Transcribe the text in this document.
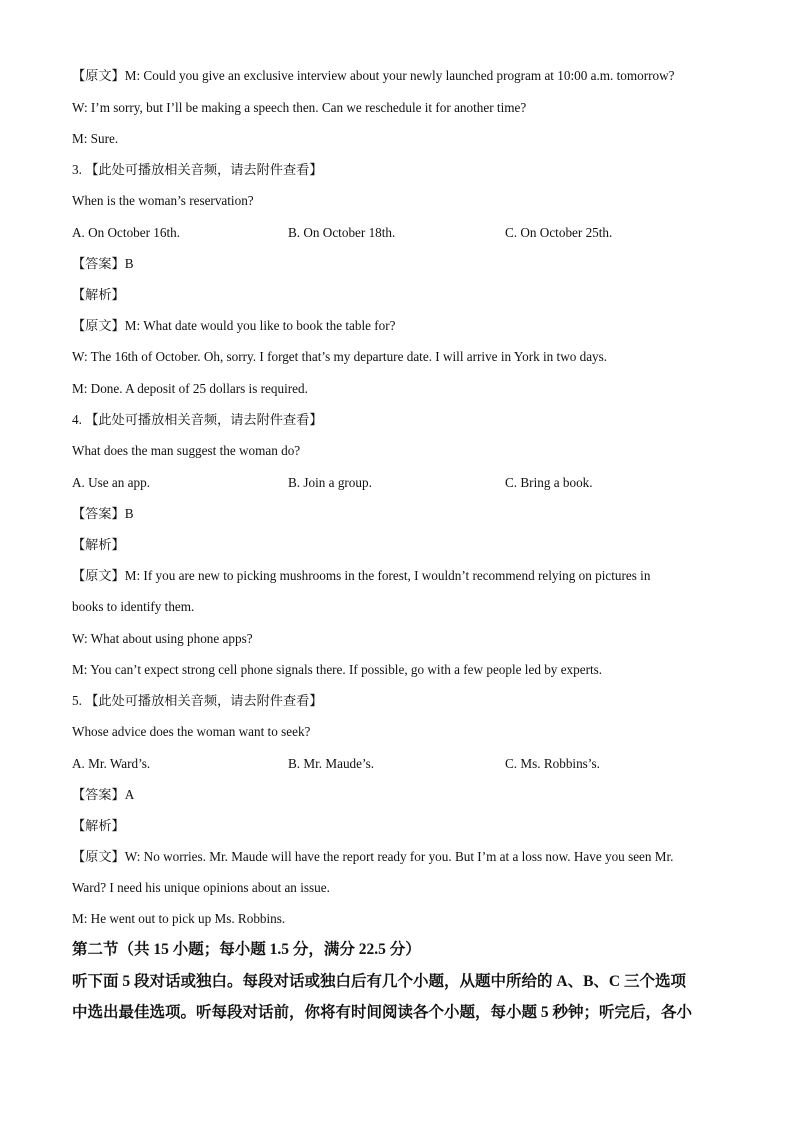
【原文】M: Could you give an exclusive interview about your newly launched program at 10:00 a.m. tomorrow?
W: I’m sorry, but I’ll be making a speech then. Can we reschedule it for another time?
M: Sure.
3. 【此处可播放相关音频，请去附件查看】
When is the woman’s reservation?
A. On October 16th.	B. On October 18th.	C. On October 25th.
【答案】B
【解析】
【原文】M: What date would you like to book the table for?
W: The 16th of October. Oh, sorry. I forget that’s my departure date. I will arrive in York in two days.
M: Done. A deposit of 25 dollars is required.
4. 【此处可播放相关音频，请去附件查看】
What does the man suggest the woman do?
A. Use an app.	B. Join a group.	C. Bring a book.
【答案】B
【解析】
【原文】M: If you are new to picking mushrooms in the forest, I wouldn’t recommend relying on pictures in
books to identify them.
W: What about using phone apps?
M: You can’t expect strong cell phone signals there. If possible, go with a few people led by experts.
5. 【此处可播放相关音频，请去附件查看】
Whose advice does the woman want to seek?
A. Mr. Ward’s.	B. Mr. Maude’s.	C. Ms. Robbins’s.
【答案】A
【解析】
【原文】W: No worries. Mr. Maude will have the report ready for you. But I’m at a loss now. Have you seen Mr.
Ward? I need his unique opinions about an issue.
M: He went out to pick up Ms. Robbins.
第二节（共 15 小题；每小题 1.5 分，满分 22.5 分）
听下面 5 段对话或独白。每段对话或独白后有几个小题，从题中所给的 A、B、C 三个选项
中选出最佳选项。听每段对话前，你将有时间阅读各个小题，每小题 5 秒钟；听完后，各小
